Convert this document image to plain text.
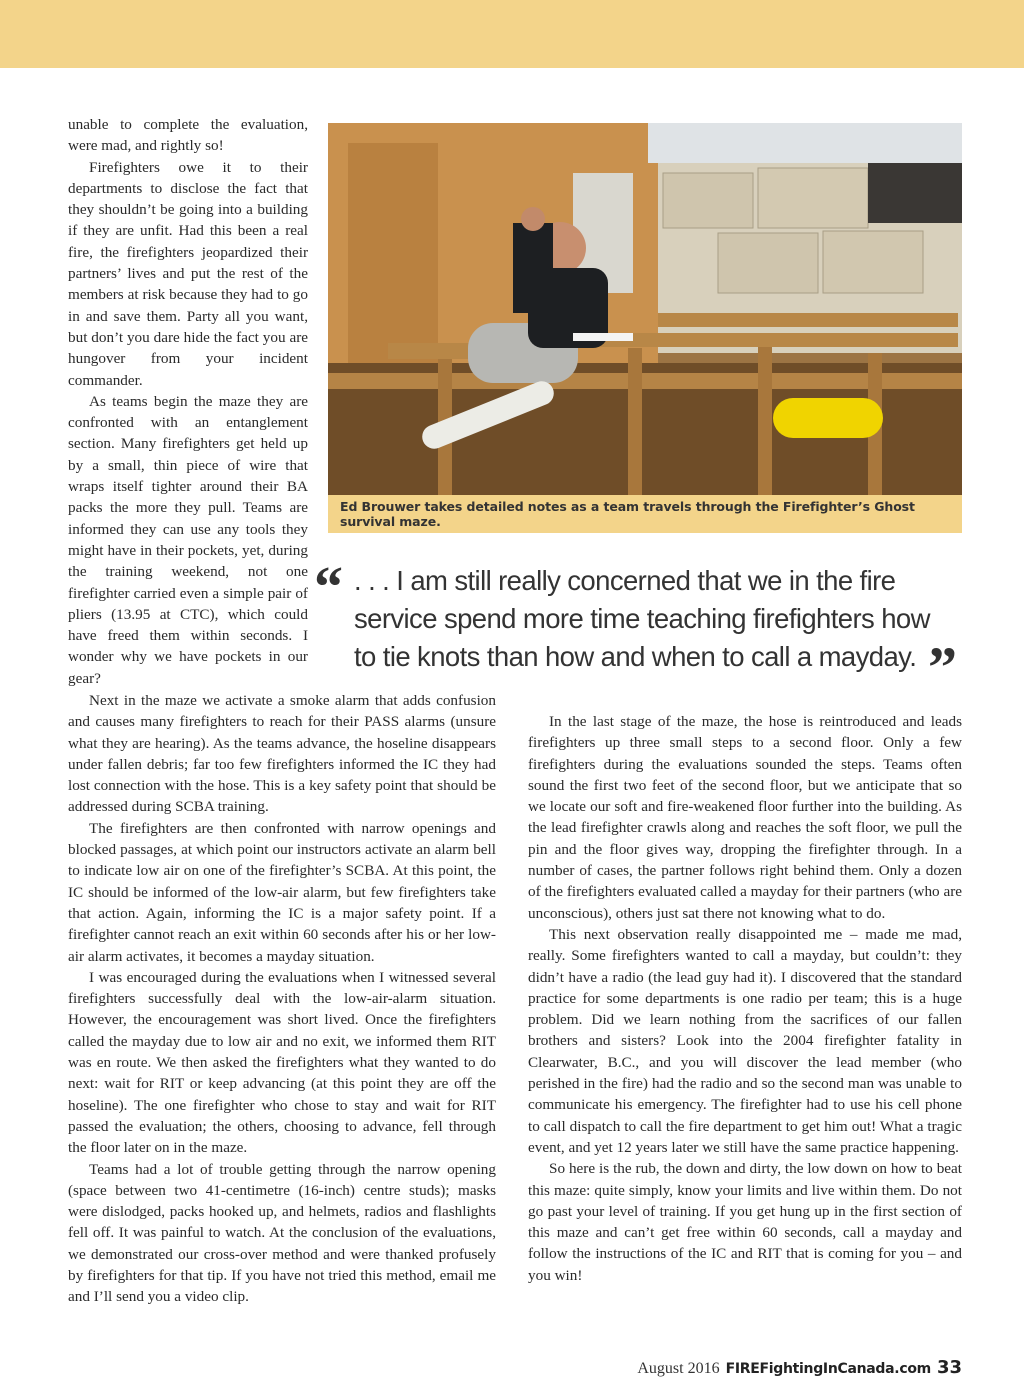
unable to complete the evaluation, were mad, and rightly so!

Firefighters owe it to their departments to disclose the fact that they shouldn’t be going into a building if they are unfit. Had this been a real fire, the firefighters jeopardized their partners’ lives and put the rest of the members at risk because they had to go in and save them. Party all you want, but don’t you dare hide the fact you are hungover from your incident commander.

As teams begin the maze they are confronted with an entanglement section. Many firefighters get held up by a small, thin piece of wire that wraps itself tighter around their BA packs the more they pull. Teams are informed they can use any tools they might have in their pockets, yet, during the training weekend, not one firefighter carried even a simple pair of pliers (13.95 at CTC), which could have freed them within seconds. I wonder why we have pockets in our gear?

Ed Brouwer takes detailed notes as a team travels through the Firefighter’s Ghost survival maze.
“ . . . I am still really concerned that we in the fire service spend more time teaching firefighters how to tie knots than how and when to call a mayday. ”

Next in the maze we activate a smoke alarm that adds confusion and causes many firefighters to reach for their PASS alarms (unsure what they are hearing). As the teams advance, the hoseline disappears under fallen debris; far too few firefighters informed the IC they had lost connection with the hose. This is a key safety point that should be addressed during SCBA training.

The firefighters are then confronted with narrow openings and blocked passages, at which point our instructors activate an alarm bell to indicate low air on one of the firefighter’s SCBA. At this point, the IC should be informed of the low-air alarm, but few firefighters take that action. Again, informing the IC is a major safety point. If a firefighter cannot reach an exit within 60 seconds after his or her low-air alarm activates, it becomes a mayday situation.

I was encouraged during the evaluations when I witnessed several firefighters successfully deal with the low-air-alarm situation. However, the encouragement was short lived. Once the firefighters called the mayday due to low air and no exit, we informed them RIT was en route. We then asked the firefighters what they wanted to do next: wait for RIT or keep advancing (at this point they are off the hoseline). The one firefighter who chose to stay and wait for RIT passed the evaluation; the others, choosing to advance, fell through the floor later on in the maze.

Teams had a lot of trouble getting through the narrow opening (space between two 41-centimetre (16-inch) centre studs); masks were dislodged, packs hooked up, and helmets, radios and flashlights fell off. It was painful to watch. At the conclusion of the evaluations, we demonstrated our cross-over method and were thanked profusely by firefighters for that tip. If you have not tried this method, email me and I’ll send you a video clip.

In the last stage of the maze, the hose is reintroduced and leads firefighters up three small steps to a second floor. Only a few firefighters during the evaluations sounded the steps. Teams often sound the first two feet of the second floor, but we anticipate that so we locate our soft and fire-weakened floor further into the building. As the lead firefighter crawls along and reaches the soft floor, we pull the pin and the floor gives way, dropping the firefighter through. In a number of cases, the partner follows right behind them. Only a dozen of the firefighters evaluated called a mayday for their partners (who are unconscious), others just sat there not knowing what to do.

This next observation really disappointed me – made me mad, really. Some firefighters wanted to call a mayday, but couldn’t: they didn’t have a radio (the lead guy had it). I discovered that the standard practice for some departments is one radio per team; this is a huge problem. Did we learn nothing from the sacrifices of our fallen brothers and sisters? Look into the 2004 firefighter fatality in Clearwater, B.C., and you will discover the lead member (who perished in the fire) had the radio and so the second man was unable to communicate his emergency. The firefighter had to use his cell phone to call dispatch to call the fire department to get him out! What a tragic event, and yet 12 years later we still have the same practice happening.

So here is the rub, the down and dirty, the low down on how to beat this maze: quite simply, know your limits and live within them. Do not go past your level of training. If you get hung up in the first section of this maze and can’t get free within 60 seconds, call a mayday and follow the instructions of the IC and RIT that is coming for you – and you win!

August 2016 FIREFightingInCanada.com 33
